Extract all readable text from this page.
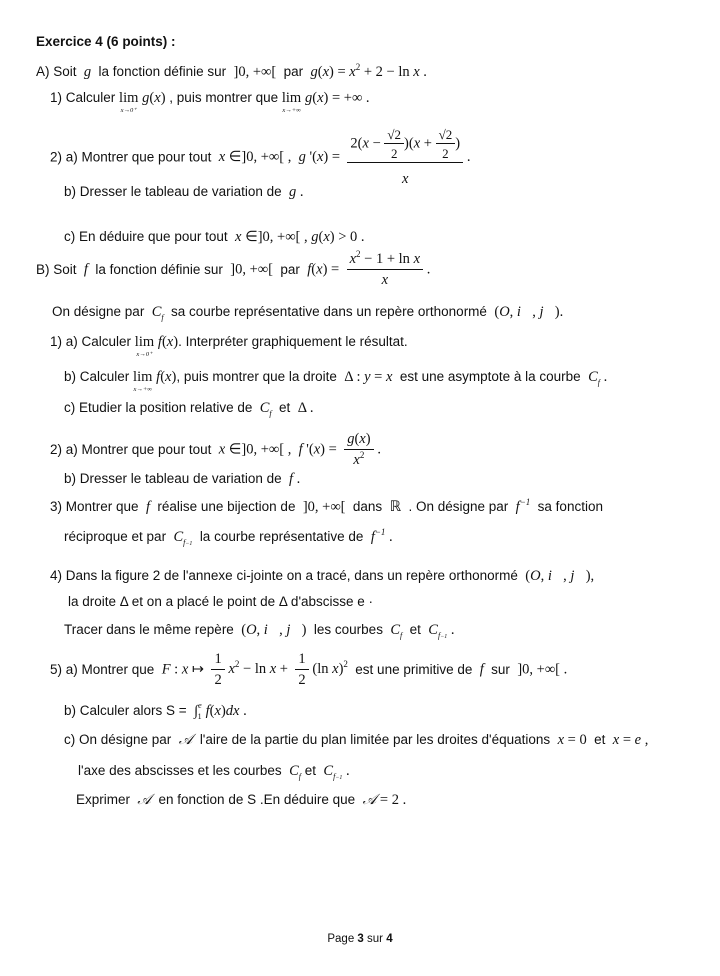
Exercice 4 (6 points) :
A) Soit  g  la fonction définie sur  ]0, +∞[  par $g(x) = x^2 + 2 - \ln x$ .
1) Calculer lim
x→0⁺
g(x) , puis montrer que lim
x→+∞
g(x) = +∞ .
2) a) Montrer que pour tout x ∈]0, +∞[ ,  g '$(x) = \frac{2(x - \frac{√2}{2} )(x + \frac{√2}{2} )}{x}$ .
b) Dresser le tableau de variation de  g .
c) En déduire que pour tout x ∈]0, +∞[ , g(x) > 0 .
B) Soit  f  la fonction définie sur  ]0, +∞[  par $f(x) = \frac{x^2 - 1 + \ln x}{x}$ .
On désigne par  $C_f$ sa courbe représentative dans un repère orthonormé  (O, i⃗, j⃗).
1) a) Calculer lim
x→0⁺
f(x). Interpréter graphiquement le résultat.
b) Calculer lim
x→+∞
f(x), puis montrer que la droite  Δ : y = x est une asymptote à la courbe  $C_f$ .
c) Etudier la position relative de  $C_f$ et  Δ .
2) a) Montrer que pour tout x ∈]0, +∞[ ,  f '$(x) = \frac{g(x)}{x^2}$ .
b) Dresser le tableau de variation de  f .
3) Montrer que  f  réalise une bijection de  ]0, +∞[  dans  ℝ  . On désigne par  $f^{-1}$ sa fonction
réciproque et par  $C_{f-1}$ la courbe représentative de  $f^{-1}$ .
4) Dans la figure 2 de l'annexe ci-jointe on a tracé, dans un repère orthonormé  (O, i⃗, j⃗),
la droite Δ et on a placé le point de Δ d'abscisse e ·
Tracer dans le même repère  (O, i⃗, j⃗)  les courbes  $C_f$ et  $C_{f-1}$ .
5) a) Montrer que F : x ↦ $\frac{1}{2} x^2 - \ln x + \frac{1}{2} (\ln$ x)$^2$ est une primitive de  f  sur  ]0, +∞[ .
b) Calculer alors S =  ∫$^e_1$ f(x)dx .
c) On désigne par  𝒜  l'aire de la partie du plan limitée par les droites d'équations x = 0  et x = e ,
l'axe des abscisses et les courbes  $C_f$ et  $C_{f-1}$ .
Exprimer  𝒜  en fonction de S .En déduire que 𝒜 = 2 .
Page 3 sur 4
